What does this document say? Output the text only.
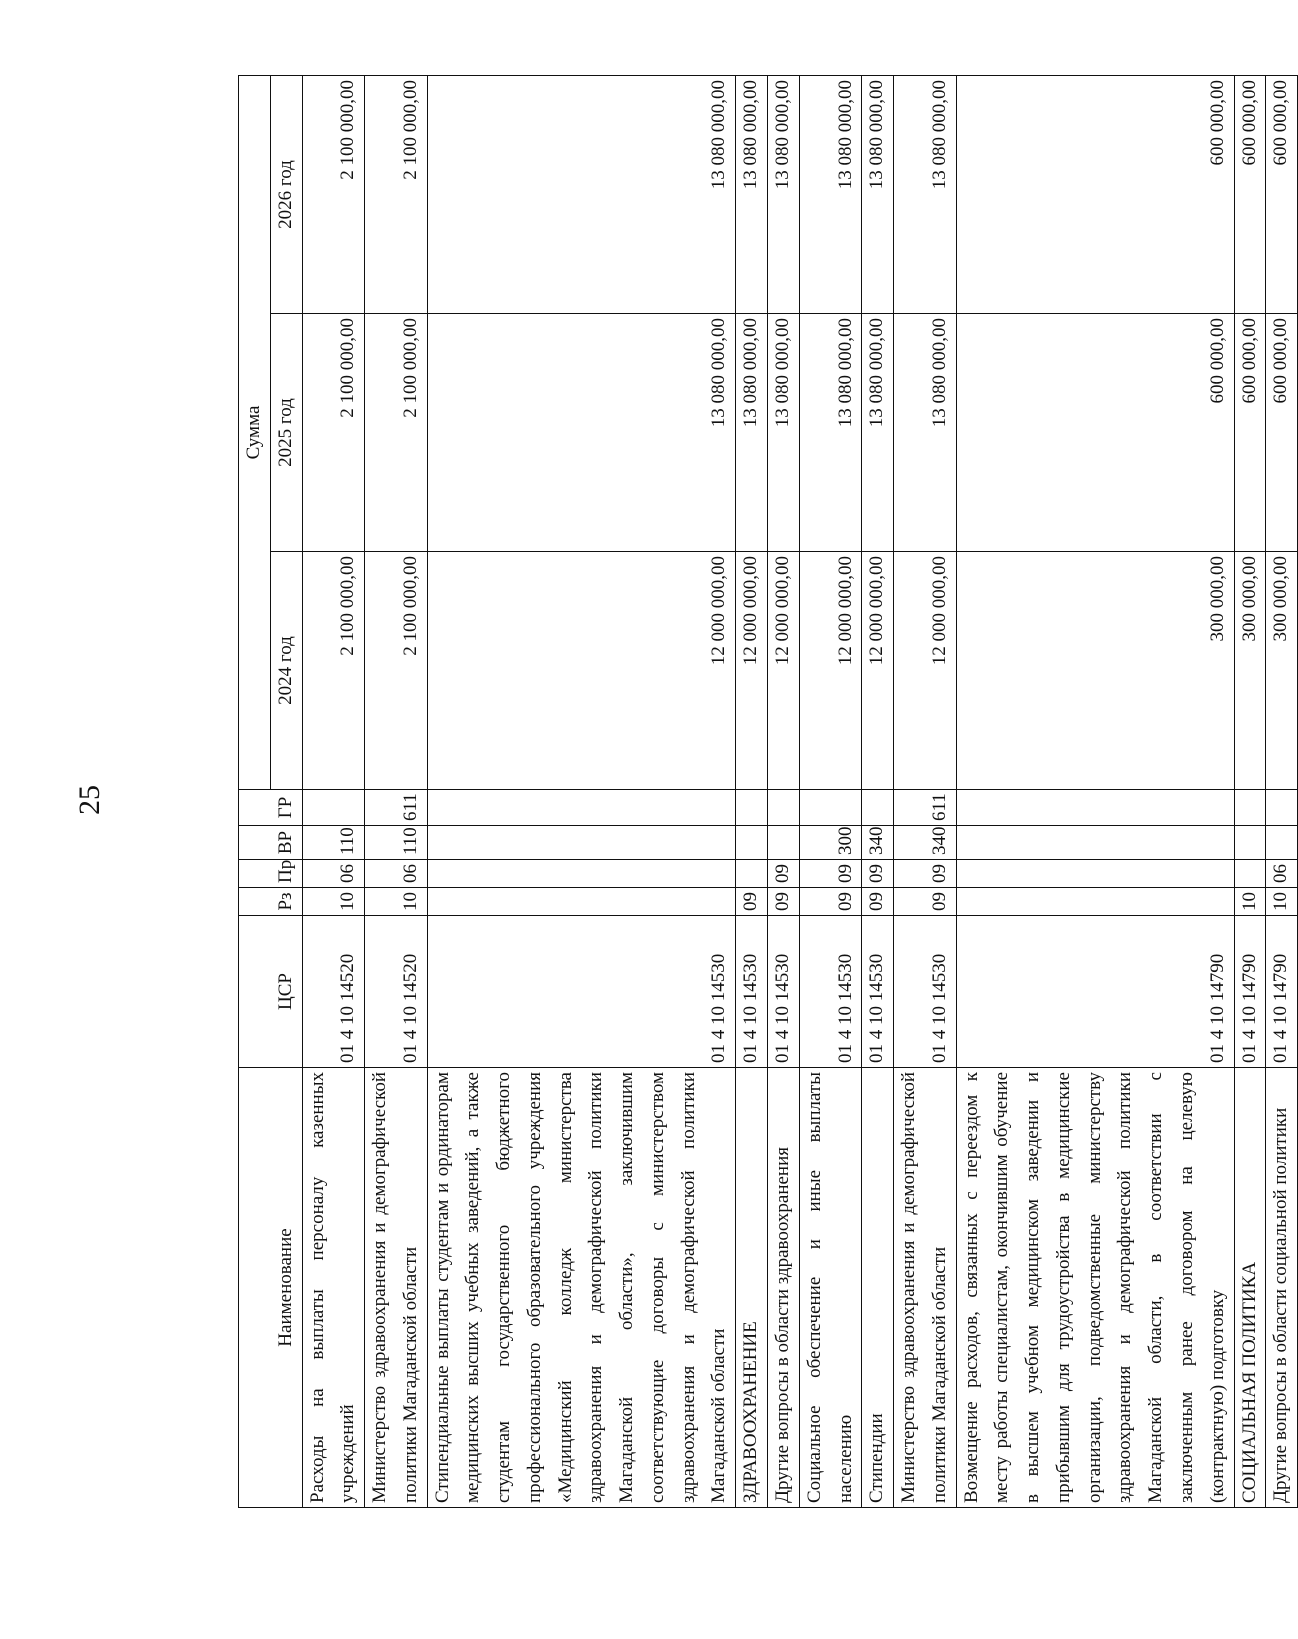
25
Наименование	ЦСР	Рз	Пр	ВР	ГР	Сумма		
						2024 год	2025 год	2026 год
Расходы на выплаты персоналу казенных учреждений	01 4 10 14520	10	06	110		2 100 000,00	2 100 000,00	2 100 000,00
Министерство здравоохранения и демографической политики Магаданской области	01 4 10 14520	10	06	110	611	2 100 000,00	2 100 000,00	2 100 000,00
Стипендиальные выплаты студентам и ординаторам медицинских высших учебных заведений, а также студентам государственного бюджетного профессионального образовательного учреждения «Медицинский колледж министерства здравоохранения и демографической политики Магаданской области», заключившим соответствующие договоры с министерством здравоохранения и демографической политики Магаданской области	01 4 10 14530					12 000 000,00	13 080 000,00	13 080 000,00
ЗДРАВООХРАНЕНИЕ	01 4 10 14530	09				12 000 000,00	13 080 000,00	13 080 000,00
Другие вопросы в области здравоохранения	01 4 10 14530	09	09			12 000 000,00	13 080 000,00	13 080 000,00
Социальное обеспечение и иные выплаты населению	01 4 10 14530	09	09	300		12 000 000,00	13 080 000,00	13 080 000,00
Стипендии	01 4 10 14530	09	09	340		12 000 000,00	13 080 000,00	13 080 000,00
Министерство здравоохранения и демографической политики Магаданской области	01 4 10 14530	09	09	340	611	12 000 000,00	13 080 000,00	13 080 000,00
Возмещение расходов, связанных с переездом к месту работы специалистам, окончившим обучение в высшем учебном медицинском заведении и прибывшим для трудоустройства в медицинские организации, подведомственные министерству здравоохранения и демографической политики Магаданской области, в соответствии с заключенным ранее договором на целевую (контрактную) подготовку	01 4 10 14790					300 000,00	600 000,00	600 000,00
СОЦИАЛЬНАЯ ПОЛИТИКА	01 4 10 14790	10				300 000,00	600 000,00	600 000,00
Другие вопросы в области социальной политики	01 4 10 14790	10	06			300 000,00	600 000,00	600 000,00
